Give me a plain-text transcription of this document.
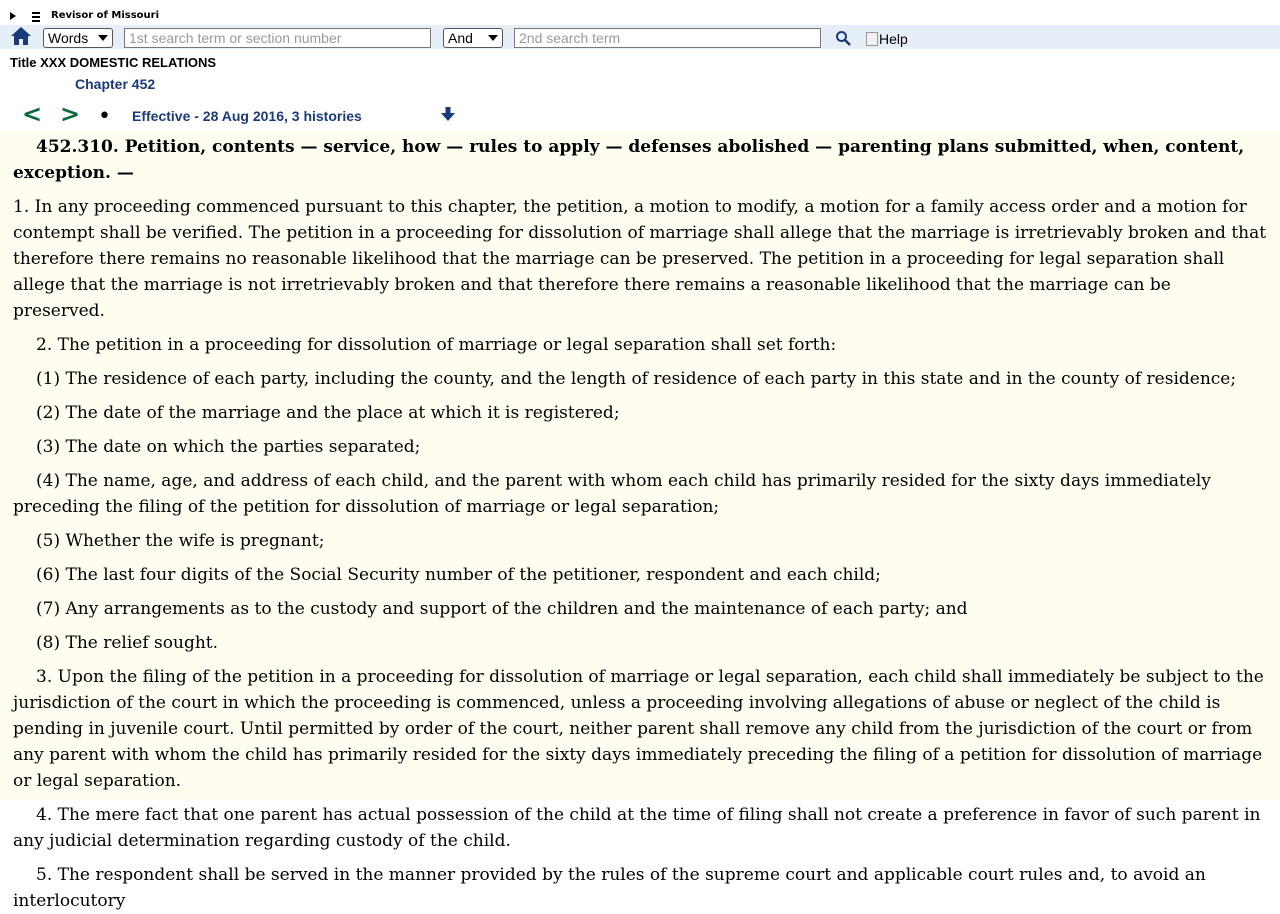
Revisor of Missouri
Words
1st search term or section number	And
2nd search term	Help
Title XXX DOMESTIC RELATIONS
Chapter 452
< > • Effective - 28 Aug 2016, 3 histories

452.310. Petition, contents — service, how — rules to apply — defenses abolished — parenting plans submitted, when, content, exception. —

1. In any proceeding commenced pursuant to this chapter, the petition, a motion to modify, a motion for a family access order and a motion for contempt shall be verified. The petition in a proceeding for dissolution of marriage shall allege that the marriage is irretrievably broken and that therefore there remains no reasonable likelihood that the marriage can be preserved. The petition in a proceeding for legal separation shall allege that the marriage is not irretrievably broken and that therefore there remains a reasonable likelihood that the marriage can be preserved.

2. The petition in a proceeding for dissolution of marriage or legal separation shall set forth:

(1) The residence of each party, including the county, and the length of residence of each party in this state and in the county of residence;

(2) The date of the marriage and the place at which it is registered;

(3) The date on which the parties separated;

(4) The name, age, and address of each child, and the parent with whom each child has primarily resided for the sixty days immediately preceding the filing of the petition for dissolution of marriage or legal separation;

(5) Whether the wife is pregnant;

(6) The last four digits of the Social Security number of the petitioner, respondent and each child;

(7) Any arrangements as to the custody and support of the children and the maintenance of each party; and

(8) The relief sought.

3. Upon the filing of the petition in a proceeding for dissolution of marriage or legal separation, each child shall immediately be subject to the jurisdiction of the court in which the proceeding is commenced, unless a proceeding involving allegations of abuse or neglect of the child is pending in juvenile court. Until permitted by order of the court, neither parent shall remove any child from the jurisdiction of the court or from any parent with whom the child has primarily resided for the sixty days immediately preceding the filing of a petition for dissolution of marriage or legal separation.

4. The mere fact that one parent has actual possession of the child at the time of filing shall not create a preference in favor of such parent in any judicial determination regarding custody of the child.

5. The respondent shall be served in the manner provided by the rules of the supreme court and applicable court rules and, to avoid an interlocutory
